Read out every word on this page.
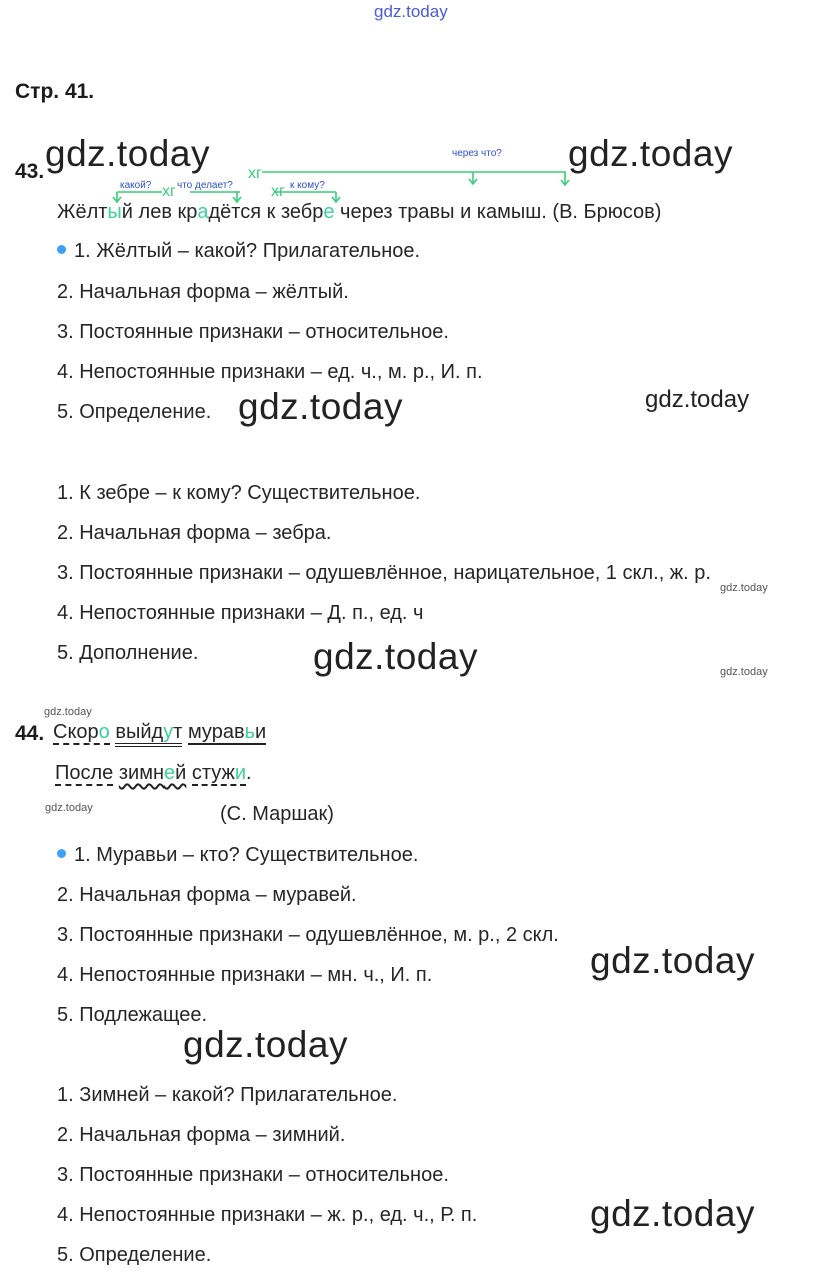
gdz.today
Стр. 41.
43.
какой?	что делает?	к кому?
через что?
хг
хг
хг
Жёлтый лев крадётся к зебре через травы и камыш. (В. Брюсов)
1. Жёлтый – какой? Прилагательное.
2. Начальная форма – жёлтый.
3. Постоянные признаки – относительное.
4. Непостоянные признаки – ед. ч., м. р., И. п.
5. Определение.
1. К зебре – к кому? Существительное.
2. Начальная форма – зебра.
3. Постоянные признаки – одушевлённое, нарицательное, 1 скл., ж. р.
4. Непостоянные признаки – Д. п., ед. ч
5. Дополнение.
44. Скоро выйдут муравьи
После зимней стужи.
(С. Маршак)
1. Муравьи – кто? Существительное.
2. Начальная форма – муравей.
3. Постоянные признаки – одушевлённое, м. р., 2 скл.
4. Непостоянные признаки – мн. ч., И. п.
5. Подлежащее.
1. Зимней – какой? Прилагательное.
2. Начальная форма – зимний.
3. Постоянные признаки – относительное.
4. Непостоянные признаки – ж. р., ед. ч., Р. п.
5. Определение.
gdz.today	gdz.today
gdz.today	gdz.today
gdz.today
gdz.today
gdz.today
gdz.today
gdz.today
gdz.today
gdz.today
gdz.today
